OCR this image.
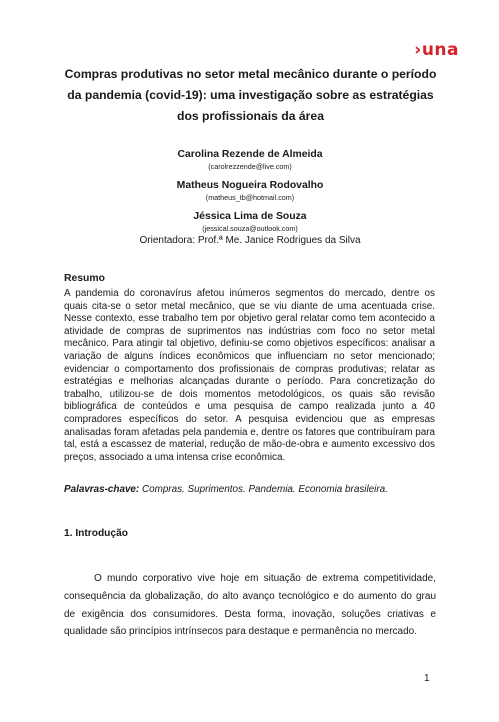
›una
Compras produtivas no setor metal mecânico durante o período da pandemia (covid-19): uma investigação sobre as estratégias dos profissionais da área
Carolina Rezende de Almeida
(carolrezzende@live.com)
Matheus Nogueira Rodovalho
(matheus_tb@hotmail.com)
Jéssica Lima de Souza
(jessical.souza@outlook.com)
Orientadora: Prof.ª Me. Janice Rodrigues da Silva
Resumo
A pandemia do coronavírus afetou inúmeros segmentos do mercado, dentre os quais cita-se o setor metal mecânico, que se viu diante de uma acentuada crise. Nesse contexto, esse trabalho tem por objetivo geral relatar como tem acontecido a atividade de compras de suprimentos nas indústrias com foco no setor metal mecânico. Para atingir tal objetivo, definiu-se como objetivos específicos: analisar a variação de alguns índices econômicos que influenciam no setor mencionado; evidenciar o comportamento dos profissionais de compras produtivas; relatar as estratégias e melhorias alcançadas durante o período. Para concretização do trabalho, utilizou-se de dois momentos metodológicos, os quais são revisão bibliográfica de conteúdos e uma pesquisa de campo realizada junto a 40 compradores específicos do setor. A pesquisa evidenciou que as empresas analisadas foram afetadas pela pandemia e, dentre os fatores que contribuíram para tal, está a escassez de material, redução de mão-de-obra e aumento excessivo dos preços, associado a uma intensa crise econômica.
Palavras-chave: Compras. Suprimentos. Pandemia. Economia brasileira.
1. Introdução
O mundo corporativo vive hoje em situação de extrema competitividade, consequência da globalização, do alto avanço tecnológico e do aumento do grau de exigência dos consumidores. Desta forma, inovação, soluções criativas e qualidade são princípios intrínsecos para destaque e permanência no mercado.
1
